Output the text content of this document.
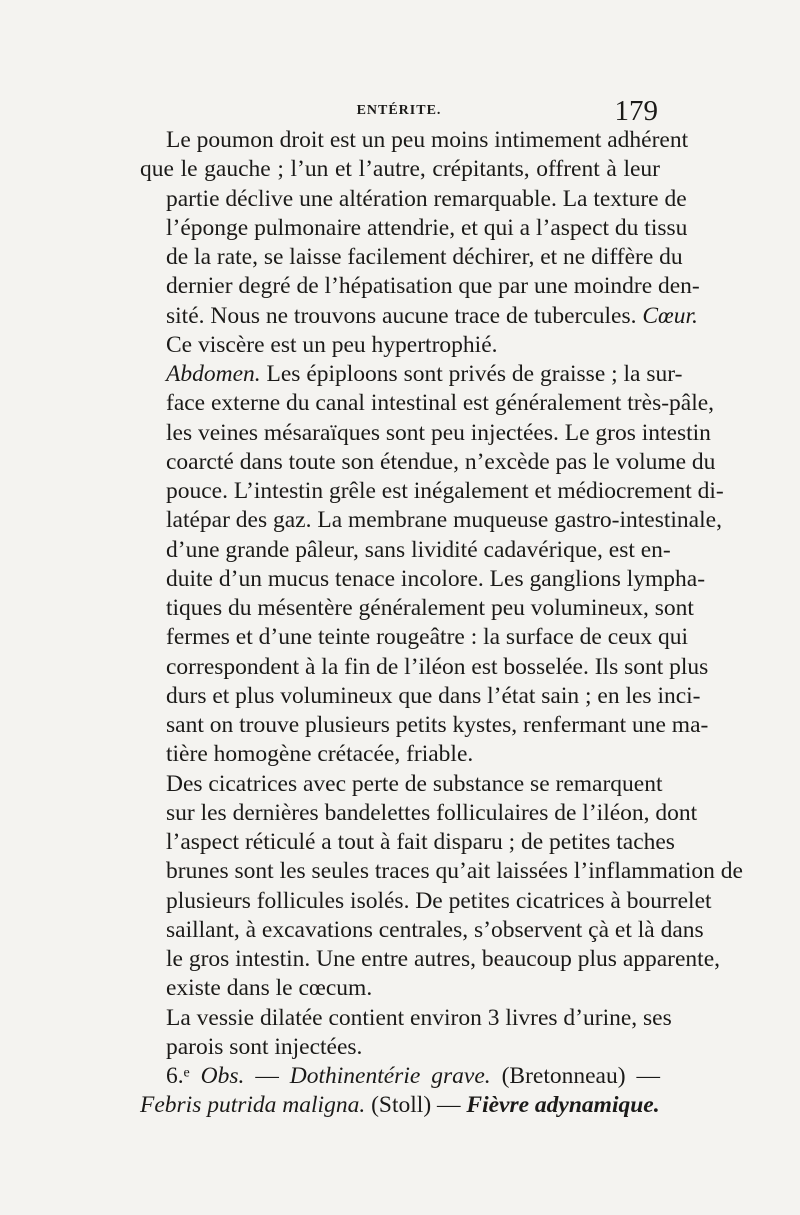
ENTÉRITE.	179

Le poumon droit est un peu moins intimement adhérent
que le gauche ; l’un et l’autre, crépitants, offrent à leur
partie déclive une altération remarquable. La texture de
l’éponge pulmonaire attendrie, et qui a l’aspect du tissu
de la rate, se laisse facilement déchirer, et ne diffère du
dernier degré de l’hépatisation que par une moindre den-
sité. Nous ne trouvons aucune trace de tubercules. Cœur.
Ce viscère est un peu hypertrophié.

Abdomen. Les épiploons sont privés de graisse ; la sur-
face externe du canal intestinal est généralement très-pâle,
les veines mésaraïques sont peu injectées. Le gros intestin
coarcté dans toute son étendue, n’excède pas le volume du
pouce. L’intestin grêle est inégalement et médiocrement di-
latépar des gaz. La membrane muqueuse gastro-intestinale,
d’une grande pâleur, sans lividité cadavérique, est en-
duite d’un mucus tenace incolore. Les ganglions lympha-
tiques du mésentère généralement peu volumineux, sont
fermes et d’une teinte rougeâtre : la surface de ceux qui
correspondent à la fin de l’iléon est bosselée. Ils sont plus
durs et plus volumineux que dans l’état sain ; en les inci-
sant on trouve plusieurs petits kystes, renfermant une ma-
tière homogène crétacée, friable.

Des cicatrices avec perte de substance se remarquent
sur les dernières bandelettes folliculaires de l’iléon, dont
l’aspect réticulé a tout à fait disparu ; de petites taches
brunes sont les seules traces qu’ait laissées l’inflammation de
plusieurs follicules isolés. De petites cicatrices à bourrelet
saillant, à excavations centrales, s’observent çà et là dans
le gros intestin. Une entre autres, beaucoup plus apparente,
existe dans le cœcum.

La vessie dilatée contient environ 3 livres d’urine, ses
parois sont injectées.

6.ᵉ Obs. — Dothinentérie grave. (Bretonneau) —
Febris putrida maligna. (Stoll) — Fièvre adynamique.
